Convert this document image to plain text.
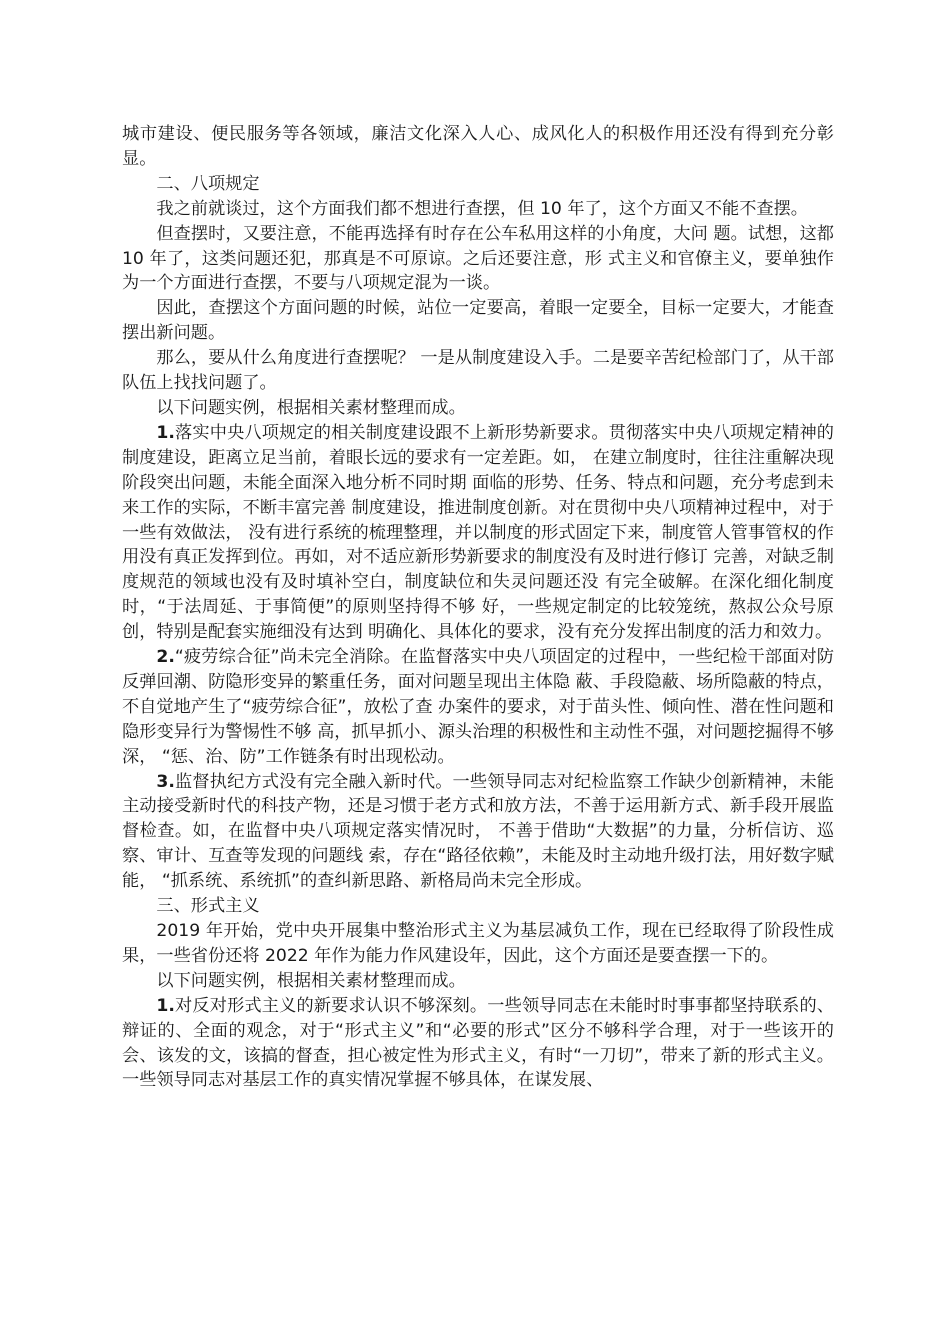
城市建设、便民服务等各领域，廉洁文化深入人心、成风化人的积极作用还没有得到充分彰显。

二、八项规定

我之前就谈过，这个方面我们都不想进行查摆，但 10 年了，这个方面又不能不查摆。

但查摆时，又要注意，不能再选择有时存在公车私用这样的小角度，大问 题。试想，这都 10 年了，这类问题还犯，那真是不可原谅。之后还要注意，形 式主义和官僚主义，要单独作为一个方面进行查摆，不要与八项规定混为一谈。

因此，查摆这个方面问题的时候，站位一定要高，着眼一定要全，目标一定要大，才能查摆出新问题。

那么，要从什么角度进行查摆呢？ 一是从制度建设入手。二是要辛苦纪检部门了，从干部队伍上找找问题了。

以下问题实例，根据相关素材整理而成。

1.落实中央八项规定的相关制度建设跟不上新形势新要求。贯彻落实中央八项规定精神的制度建设，距离立足当前，着眼长远的要求有一定差距。如， 在建立制度时，往往注重解决现阶段突出问题，未能全面深入地分析不同时期 面临的形势、任务、特点和问题，充分考虑到未来工作的实际，不断丰富完善 制度建设，推进制度创新。对在贯彻中央八项精神过程中，对于一些有效做法， 没有进行系统的梳理整理，并以制度的形式固定下来，制度管人管事管权的作 用没有真正发挥到位。再如，对不适应新形势新要求的制度没有及时进行修订 完善，对缺乏制度规范的领域也没有及时填补空白，制度缺位和失灵问题还没 有完全破解。在深化细化制度时，“于法周延、于事简便”的原则坚持得不够 好，一些规定制定的比较笼统，熬叔公众号原创，特别是配套实施细没有达到 明确化、具体化的要求，没有充分发挥出制度的活力和效力。

2.“疲劳综合征”尚未完全消除。在监督落实中央八项固定的过程中，一些纪检干部面对防反弹回潮、防隐形变异的繁重任务，面对问题呈现出主体隐 蔽、手段隐蔽、场所隐蔽的特点，不自觉地产生了“疲劳综合征”，放松了查 办案件的要求，对于苗头性、倾向性、潜在性问题和隐形变异行为警惕性不够 高，抓早抓小、源头治理的积极性和主动性不强，对问题挖掘得不够深， “惩、治、防”工作链条有时出现松动。

3.监督执纪方式没有完全融入新时代。一些领导同志对纪检监察工作缺少创新精神，未能主动接受新时代的科技产物，还是习惯于老方式和放方法，不善于运用新方式、新手段开展监督检查。如，在监督中央八项规定落实情况时， 不善于借助“大数据”的力量，分析信访、巡察、审计、互查等发现的问题线 索，存在“路径依赖”，未能及时主动地升级打法，用好数字赋能， “抓系统、系统抓”的查纠新思路、新格局尚未完全形成。

三、形式主义

2019 年开始，党中央开展集中整治形式主义为基层减负工作，现在已经取得了阶段性成果，一些省份还将 2022 年作为能力作风建设年，因此，这个方面还是要查摆一下的。

以下问题实例，根据相关素材整理而成。

1.对反对形式主义的新要求认识不够深刻。一些领导同志在未能时时事事都坚持联系的、辩证的、全面的观念，对于“形式主义”和“必要的形式”区分不够科学合理，对于一些该开的会、该发的文，该搞的督查，担心被定性为形式主义，有时“一刀切”，带来了新的形式主义。一些领导同志对基层工作的真实情况掌握不够具体，在谋发展、
